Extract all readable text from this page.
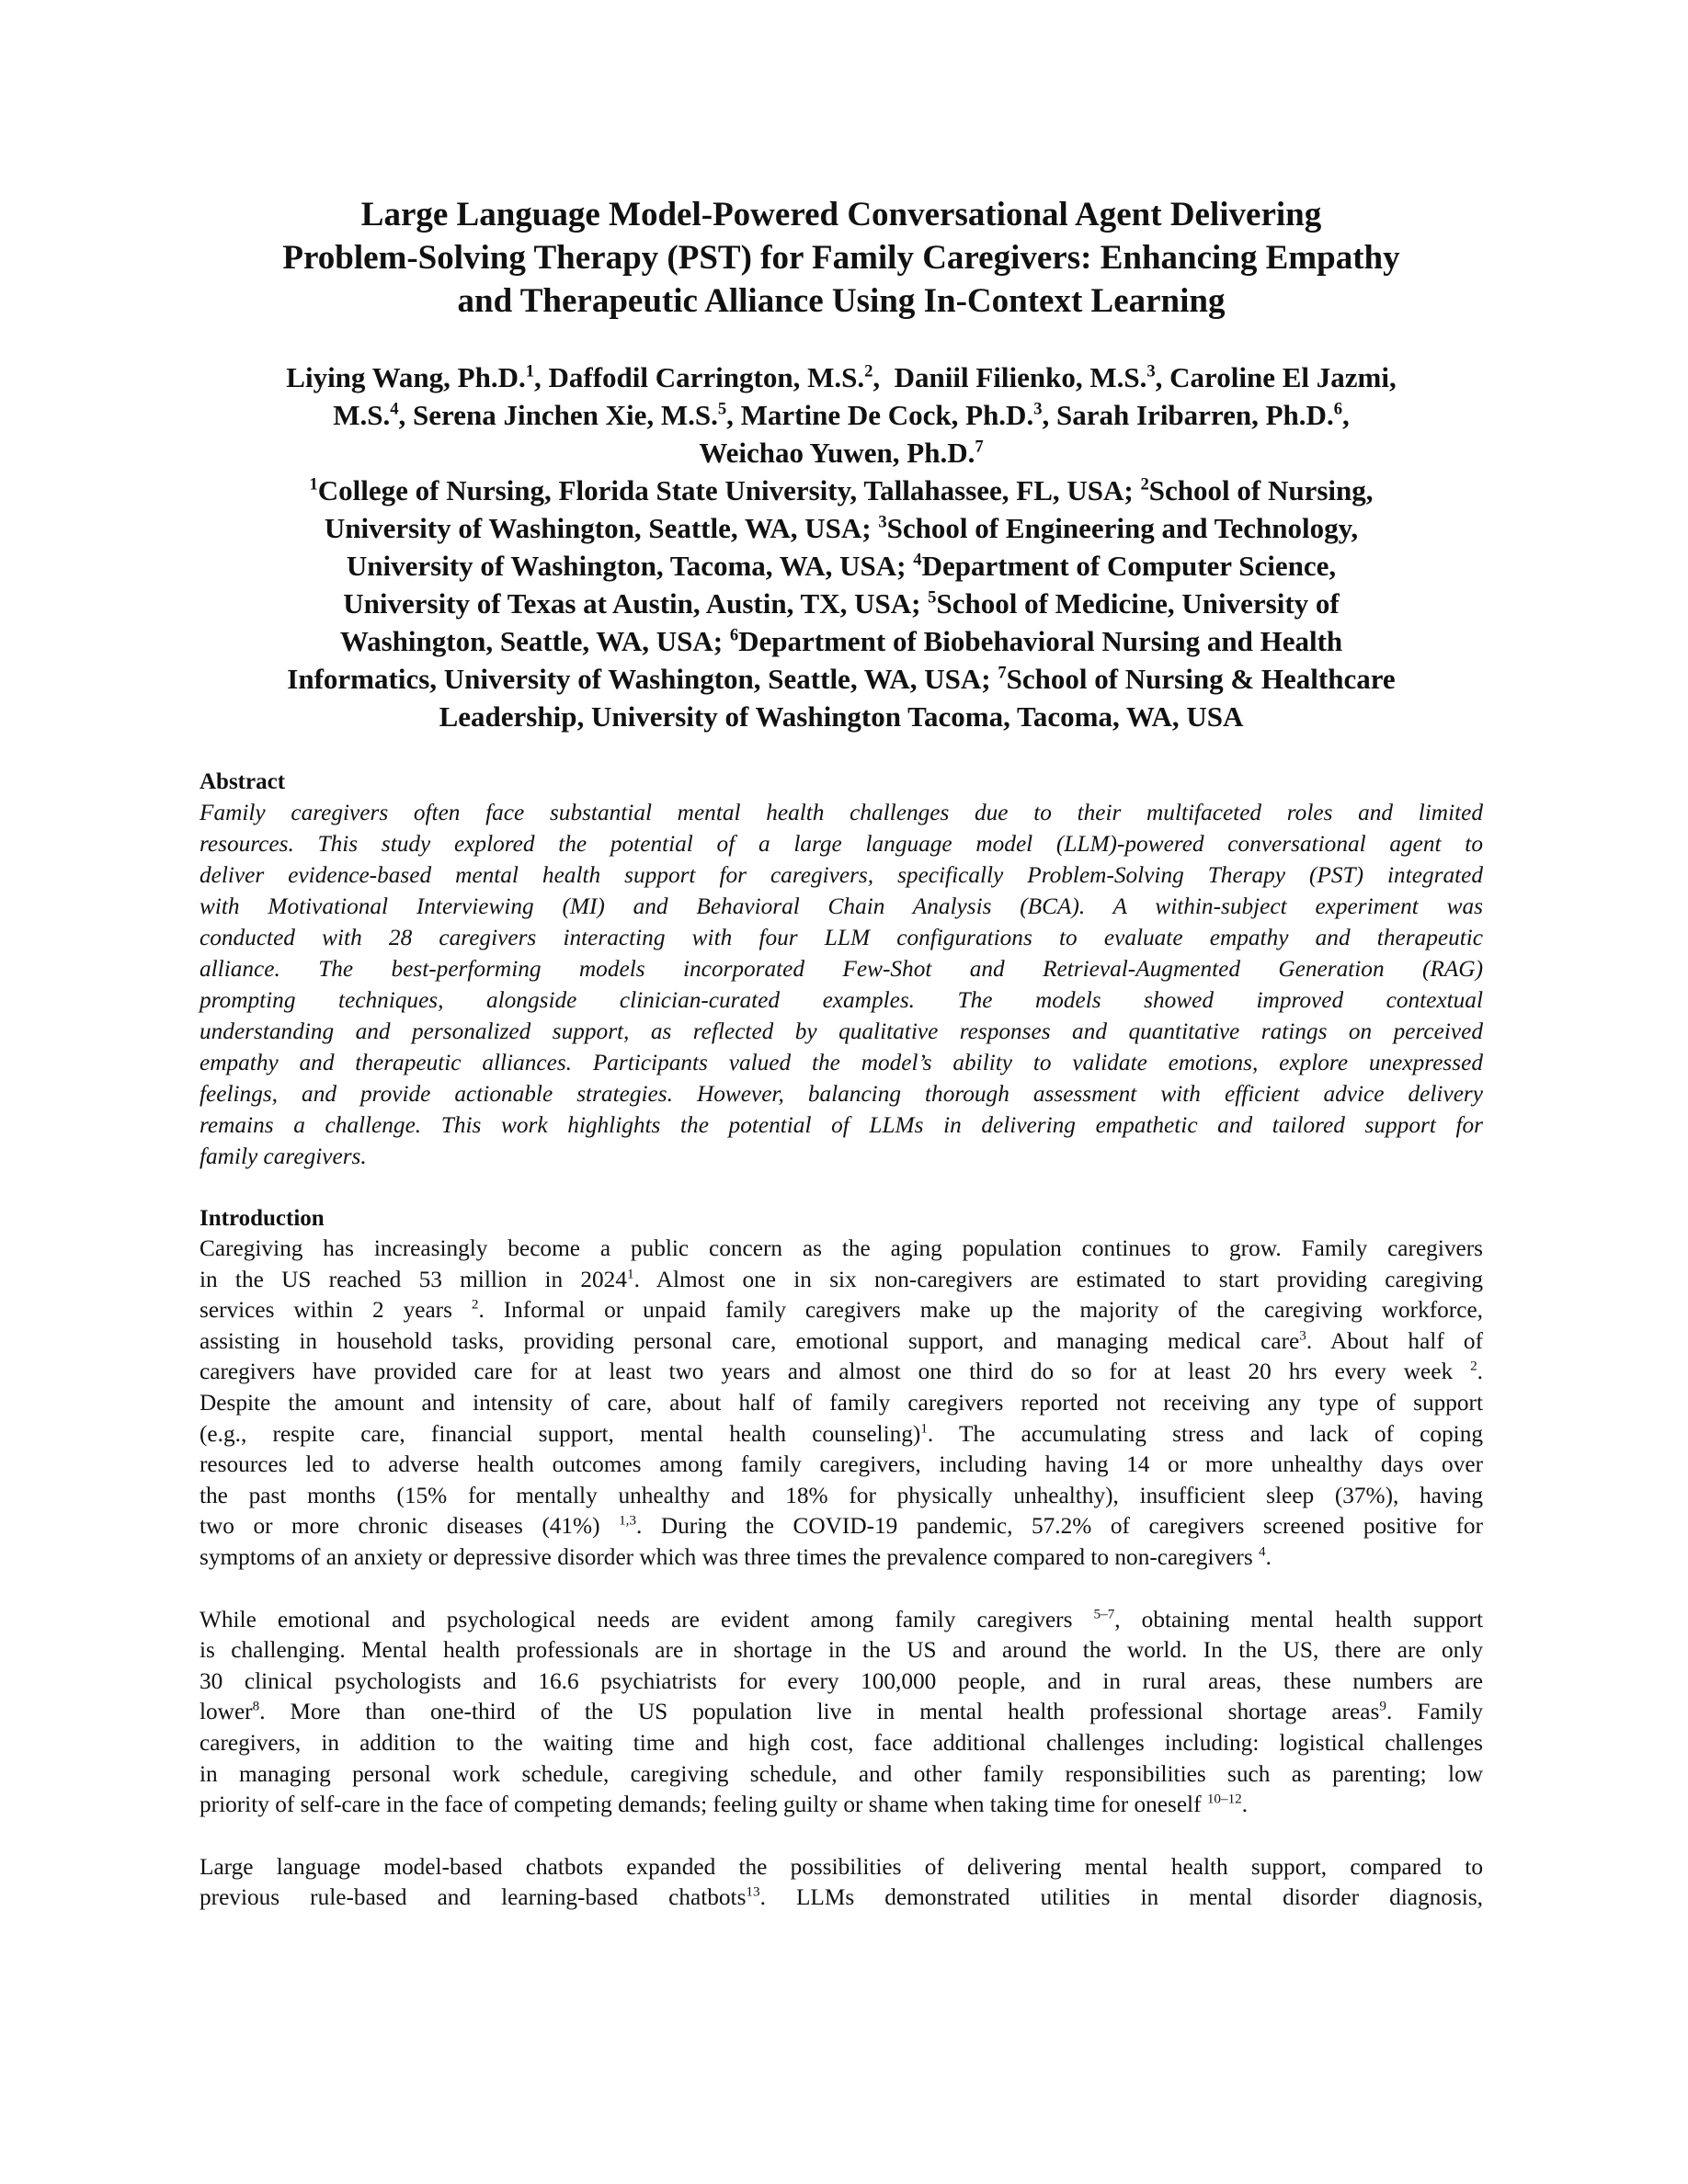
Large Language Model-Powered Conversational Agent Delivering
Problem-Solving Therapy (PST) for Family Caregivers: Enhancing Empathy
and Therapeutic Alliance Using In-Context Learning
Liying Wang, Ph.D.$^1$, Daffodil Carrington, M.S.$^2$,  Daniil Filienko, M.S.$^3$, Caroline El Jazmi,
M.S.$^4$, Serena Jinchen Xie, M.S.$^5$, Martine De Cock, Ph.D.$^3$, Sarah Iribarren, Ph.D.$^6$,
Weichao Yuwen, Ph.D.$^7$
$^1$College of Nursing, Florida State University, Tallahassee, FL, USA; $^2$School of Nursing,
University of Washington, Seattle, WA, USA; $^3$School of Engineering and Technology,
University of Washington, Tacoma, WA, USA; $^4$Department of Computer Science,
University of Texas at Austin, Austin, TX, USA; $^5$School of Medicine, University of
Washington, Seattle, WA, USA; $^6$Department of Biobehavioral Nursing and Health
Informatics, University of Washington, Seattle, WA, USA; $^7$School of Nursing & Healthcare
Leadership, University of Washington Tacoma, Tacoma, WA, USA
Abstract

Family caregivers often face substantial mental health challenges due to their multifaceted roles and limited
resources. This study explored the potential of a large language model (LLM)-powered conversational agent to
deliver evidence-based mental health support for caregivers, specifically Problem-Solving Therapy (PST) integrated
with Motivational Interviewing (MI) and Behavioral Chain Analysis (BCA). A within-subject experiment was
conducted with 28 caregivers interacting with four LLM configurations to evaluate empathy and therapeutic
alliance. The best-performing models incorporated Few-Shot and Retrieval-Augmented Generation (RAG)
prompting techniques, alongside clinician-curated examples. The models showed improved contextual
understanding and personalized support, as reflected by qualitative responses and quantitative ratings on perceived
empathy and therapeutic alliances. Participants valued the model’s ability to validate emotions, explore unexpressed
feelings, and provide actionable strategies. However, balancing thorough assessment with efficient advice delivery
remains a challenge. This work highlights the potential of LLMs in delivering empathetic and tailored support for
family caregivers.

Introduction

Caregiving has increasingly become a public concern as the aging population continues to grow. Family caregivers
in the US reached 53 million in 2024$^1$. Almost one in six non-caregivers are estimated to start providing caregiving
services within 2 years $^2$. Informal or unpaid family caregivers make up the majority of the caregiving workforce,
assisting in household tasks, providing personal care, emotional support, and managing medical care$^3$. About half of
caregivers have provided care for at least two years and almost one third do so for at least 20 hrs every week $^2$.
Despite the amount and intensity of care, about half of family caregivers reported not receiving any type of support
(e.g., respite care, financial support, mental health counseling)$^1$. The accumulating stress and lack of coping
resources led to adverse health outcomes among family caregivers, including having 14 or more unhealthy days over
the past months (15% for mentally unhealthy and 18% for physically unhealthy), insufficient sleep (37%), having
two or more chronic diseases (41%) $^{1,3}$. During the COVID-19 pandemic, 57.2% of caregivers screened positive for
symptoms of an anxiety or depressive disorder which was three times the prevalence compared to non-caregivers $^4$.

While emotional and psychological needs are evident among family caregivers $^{5-7}$, obtaining mental health support
is challenging. Mental health professionals are in shortage in the US and around the world. In the US, there are only
30 clinical psychologists and 16.6 psychiatrists for every 100,000 people, and in rural areas, these numbers are
lower$^8$. More than one-third of the US population live in mental health professional shortage areas$^9$. Family
caregivers, in addition to the waiting time and high cost, face additional challenges including: logistical challenges
in managing personal work schedule, caregiving schedule, and other family responsibilities such as parenting; low
priority of self-care in the face of competing demands; feeling guilty or shame when taking time for oneself $^{10-12}$.

Large language model-based chatbots expanded the possibilities of delivering mental health support, compared to
previous rule-based and learning-based chatbots$^{13}$. LLMs demonstrated utilities in mental disorder diagnosis,
